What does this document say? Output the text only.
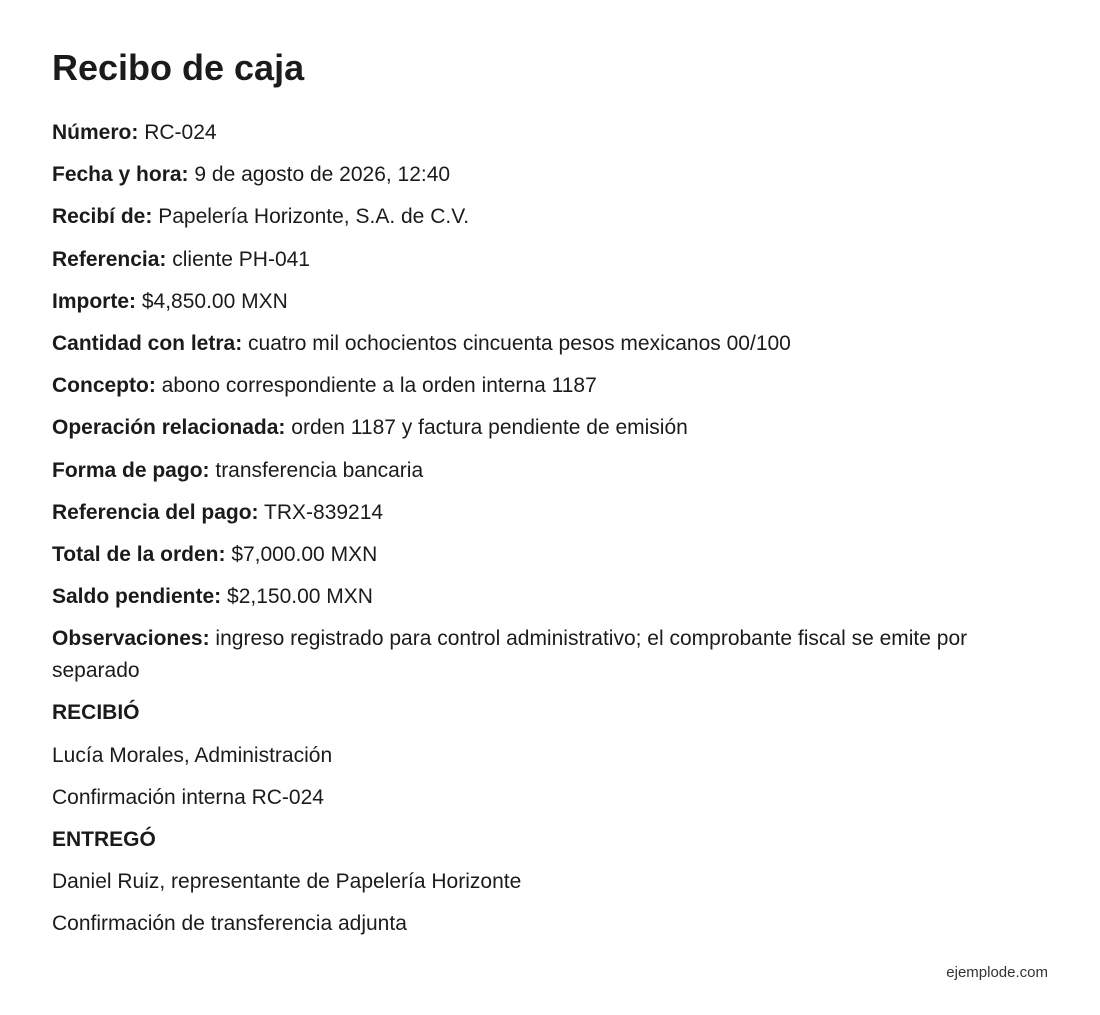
Recibo de caja
Número: RC-024
Fecha y hora: 9 de agosto de 2026, 12:40
Recibí de: Papelería Horizonte, S.A. de C.V.
Referencia: cliente PH-041
Importe: $4,850.00 MXN
Cantidad con letra: cuatro mil ochocientos cincuenta pesos mexicanos 00/100
Concepto: abono correspondiente a la orden interna 1187
Operación relacionada: orden 1187 y factura pendiente de emisión
Forma de pago: transferencia bancaria
Referencia del pago: TRX-839214
Total de la orden: $7,000.00 MXN
Saldo pendiente: $2,150.00 MXN
Observaciones: ingreso registrado para control administrativo; el comprobante fiscal se emite por separado
RECIBIÓ
Lucía Morales, Administración
Confirmación interna RC-024
ENTREGÓ
Daniel Ruiz, representante de Papelería Horizonte
Confirmación de transferencia adjunta
ejemplode.com
